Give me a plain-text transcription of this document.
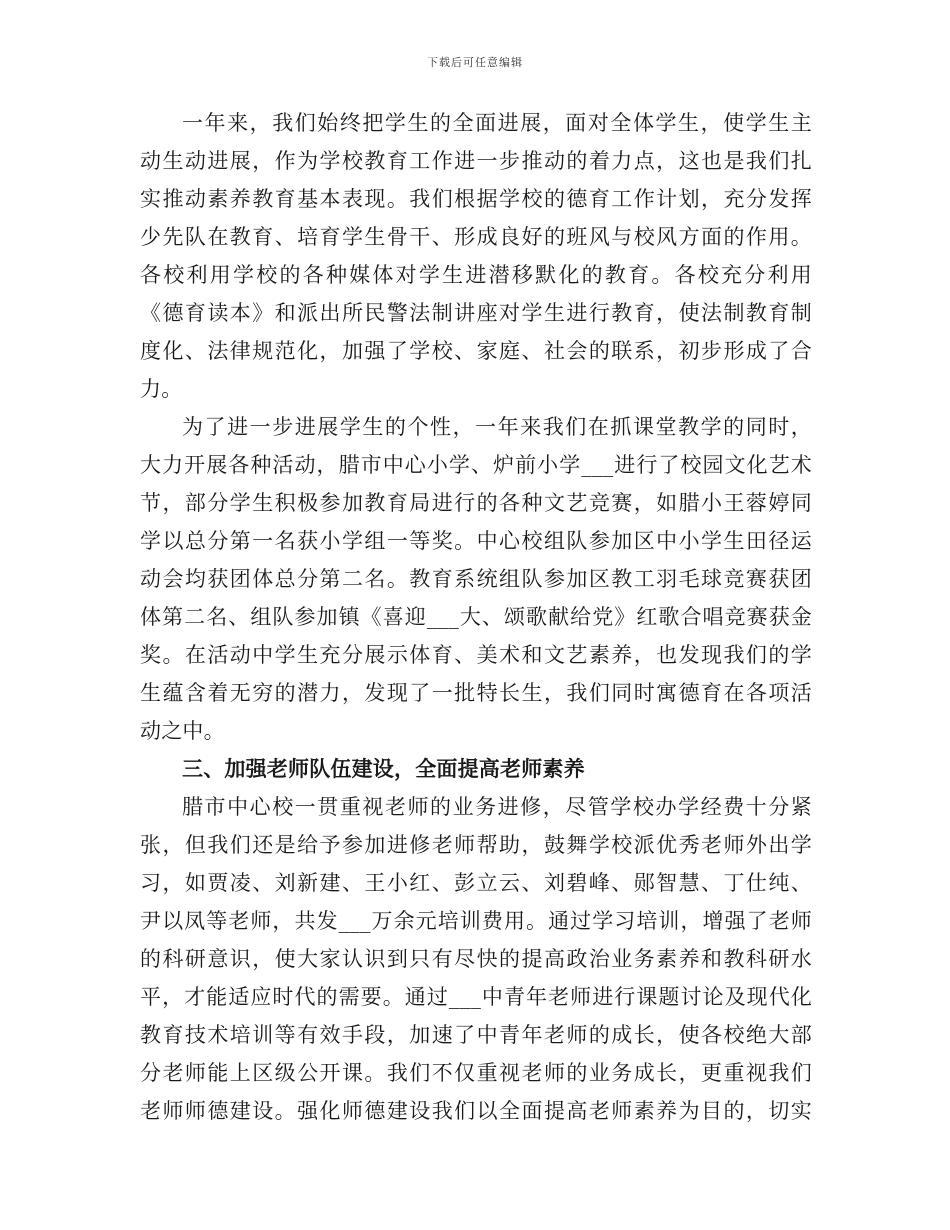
下载后可任意编辑
一年来，我们始终把学生的全面进展，面对全体学生，使学生主
动生动进展，作为学校教育工作进一步推动的着力点，这也是我们扎
实推动素养教育基本表现。我们根据学校的德育工作计划，充分发挥
少先队在教育、培育学生骨干、形成良好的班风与校风方面的作用。
各校利用学校的各种媒体对学生进潜移默化的教育。各校充分利用
《德育读本》和派出所民警法制讲座对学生进行教育，使法制教育制
度化、法律规范化，加强了学校、家庭、社会的联系，初步形成了合
力。
为了进一步进展学生的个性，一年来我们在抓课堂教学的同时，
大力开展各种活动，腊市中心小学、炉前小学___进行了校园文化艺术
节，部分学生积极参加教育局进行的各种文艺竞赛，如腊小王蓉婷同
学以总分第一名获小学组一等奖。中心校组队参加区中小学生田径运
动会均获团体总分第二名。教育系统组队参加区教工羽毛球竞赛获团
体第二名、组队参加镇《喜迎___大、颂歌献给党》红歌合唱竞赛获金
奖。在活动中学生充分展示体育、美术和文艺素养，也发现我们的学
生蕴含着无穷的潜力，发现了一批特长生，我们同时寓德育在各项活
动之中。
三、加强老师队伍建设，全面提高老师素养
腊市中心校一贯重视老师的业务进修，尽管学校办学经费十分紧
张，但我们还是给予参加进修老师帮助，鼓舞学校派优秀老师外出学
习，如贾凌、刘新建、王小红、彭立云、刘碧峰、郧智慧、丁仕纯、
尹以凤等老师，共发___万余元培训费用。通过学习培训，增强了老师
的科研意识，使大家认识到只有尽快的提高政治业务素养和教科研水
平，才能适应时代的需要。通过___中青年老师进行课题讨论及现代化
教育技术培训等有效手段，加速了中青年老师的成长，使各校绝大部
分老师能上区级公开课。我们不仅重视老师的业务成长，更重视我们
老师师德建设。强化师德建设我们以全面提高老师素养为目的，切实
